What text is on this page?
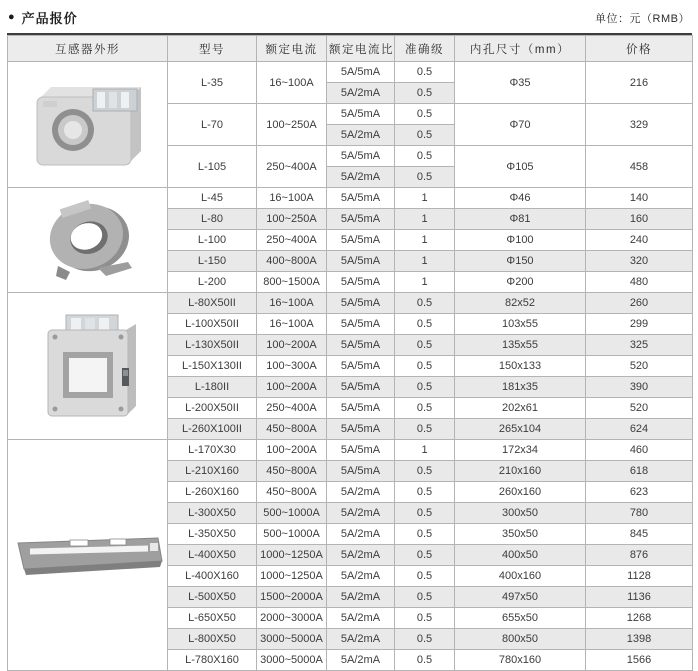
● 产品报价	单位：元（RMB）
互感器外形	型号	额定电流	额定电流比	准确级	内孔尺寸（mm）	价格

	L-35	16~100A	5A/5mA	0.5	Φ35	216
			5A/2mA	0.5		
	L-70	100~250A	5A/5mA	0.5	Φ70	329
			5A/2mA	0.5		
	L-105	250~400A	5A/5mA	0.5	Φ105	458
			5A/2mA	0.5		

	L-45	16~100A	5A/5mA	1	Φ46	140
	L-80	100~250A	5A/5mA	1	Φ81	160
	L-100	250~400A	5A/5mA	1	Φ100	240
	L-150	400~800A	5A/5mA	1	Φ150	320
	L-200	800~1500A	5A/5mA	1	Φ200	480

	L-80X50II	16~100A	5A/5mA	0.5	82x52	260
	L-100X50II	16~100A	5A/5mA	0.5	103x55	299
	L-130X50II	100~200A	5A/5mA	0.5	135x55	325
	L-150X130II	100~300A	5A/5mA	0.5	150x133	520
	L-180II	100~200A	5A/5mA	0.5	181x35	390
	L-200X50II	250~400A	5A/5mA	0.5	202x61	520
	L-260X100II	450~800A	5A/5mA	0.5	265x104	624

	L-170X30	100~200A	5A/5mA	1	172x34	460
	L-210X160	450~800A	5A/5mA	0.5	210x160	618
	L-260X160	450~800A	5A/2mA	0.5	260x160	623
	L-300X50	500~1000A	5A/2mA	0.5	300x50	780
	L-350X50	500~1000A	5A/2mA	0.5	350x50	845
	L-400X50	1000~1250A	5A/2mA	0.5	400x50	876
	L-400X160	1000~1250A	5A/2mA	0.5	400x160	1128
	L-500X50	1500~2000A	5A/2mA	0.5	497x50	1136
	L-650X50	2000~3000A	5A/2mA	0.5	655x50	1268
	L-800X50	3000~5000A	5A/2mA	0.5	800x50	1398
	L-780X160	3000~5000A	5A/2mA	0.5	780x160	1566
